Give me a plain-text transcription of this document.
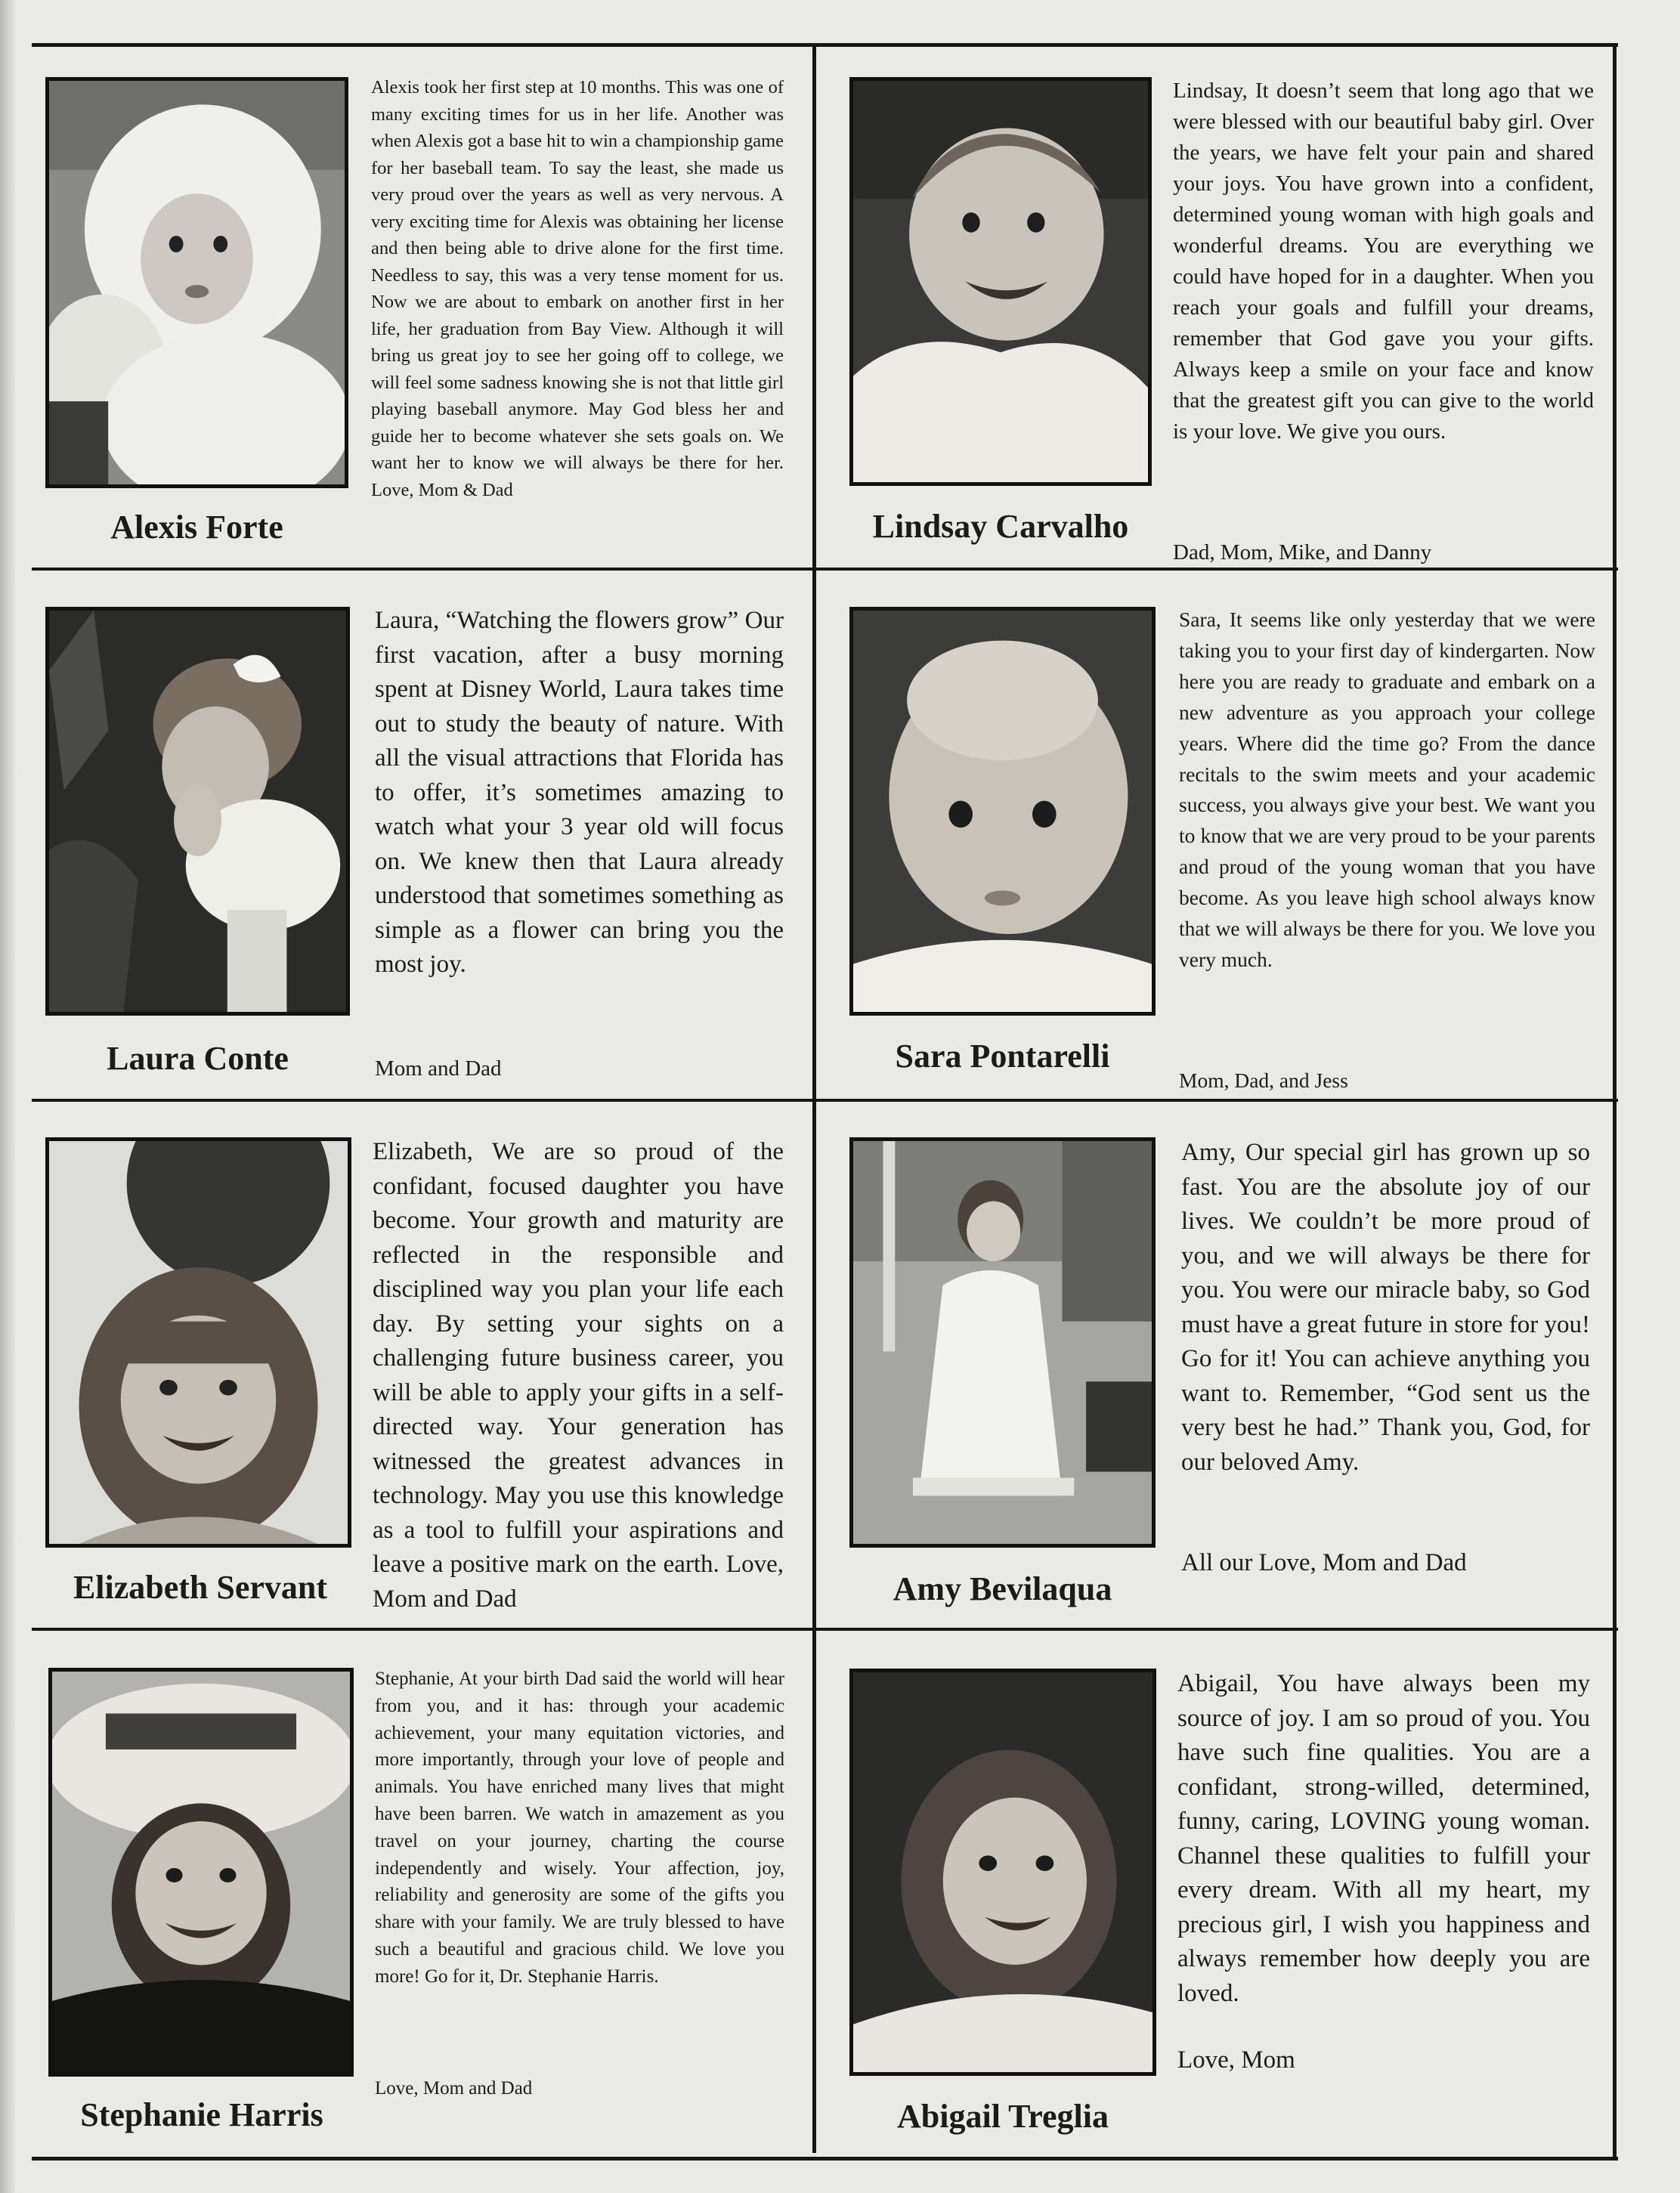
Alexis Forte
Alexis took her first step at 10 months. This was one of many exciting times for us in her life. Another was when Alexis got a base hit to win a championship game for her baseball team. To say the least, she made us very proud over the years as well as very nervous. A very exciting time for Alexis was obtaining her license and then being able to drive alone for the first time. Needless to say, this was a very tense moment for us. Now we are about to embark on another first in her life, her graduation from Bay View. Although it will bring us great joy to see her going off to college, we will feel some sadness knowing she is not that little girl playing baseball anymore. May God bless her and guide her to become whatever she sets goals on. We want her to know we will always be there for her. Love, Mom & Dad
Lindsay Carvalho
Lindsay, It doesn’t seem that long ago that we were blessed with our beautiful baby girl. Over the years, we have felt your pain and shared your joys. You have grown into a confident, determined young woman with high goals and wonderful dreams. You are everything we could have hoped for in a daughter. When you reach your goals and fulfill your dreams, remember that God gave you your gifts. Always keep a smile on your face and know that the greatest gift you can give to the world is your love. We give you ours.
Dad, Mom, Mike, and Danny
Laura Conte
Laura, “Watching the flowers grow” Our first vacation, after a busy morning spent at Disney World, Laura takes time out to study the beauty of nature. With all the visual attractions that Florida has to offer, it’s sometimes amazing to watch what your 3 year old will focus on. We knew then that Laura already understood that sometimes something as simple as a flower can bring you the most joy.
Mom and Dad	Sara Pontarelli
Sara, It seems like only yesterday that we were taking you to your first day of kindergarten. Now here you are ready to graduate and embark on a new adventure as you approach your college years. Where did the time go? From the dance recitals to the swim meets and your academic success, you always give your best. We want you to know that we are very proud to be your parents and proud of the young woman that you have become. As you leave high school always know that we will always be there for you. We love you very much.
Mom, Dad, and Jess
Elizabeth Servant
Elizabeth, We are so proud of the confidant, focused daughter you have become. Your growth and maturity are reflected in the responsible and disciplined way you plan your life each day. By setting your sights on a challenging future business career, you will be able to apply your gifts in a self-directed way. Your generation has witnessed the greatest advances in technology. May you use this knowledge as a tool to fulfill your aspirations and leave a positive mark on the earth. Love, Mom and Dad	Amy Bevilaqua
Amy, Our special girl has grown up so fast. You are the absolute joy of our lives. We couldn’t be more proud of you, and we will always be there for you. You were our miracle baby, so God must have a great future in store for you! Go for it! You can achieve anything you want to. Remember, “God sent us the very best he had.” Thank you, God, for our beloved Amy.
All our Love, Mom and Dad
Stephanie Harris
Stephanie, At your birth Dad said the world will hear from you, and it has: through your academic achievement, your many equitation victories, and more importantly, through your love of people and animals. You have enriched many lives that might have been barren. We watch in amazement as you travel on your journey, charting the course independently and wisely. Your affection, joy, reliability and generosity are some of the gifts you share with your family. We are truly blessed to have such a beautiful and gracious child. We love you more! Go for it, Dr. Stephanie Harris.
Love, Mom and Dad
Abigail Treglia
Abigail, You have always been my source of joy. I am so proud of you. You have such fine qualities. You are a confidant, strong-willed, determined, funny, caring, LOVING young woman. Channel these qualities to fulfill your every dream. With all my heart, my precious girl, I wish you happiness and always remember how deeply you are loved.
Love, Mom
